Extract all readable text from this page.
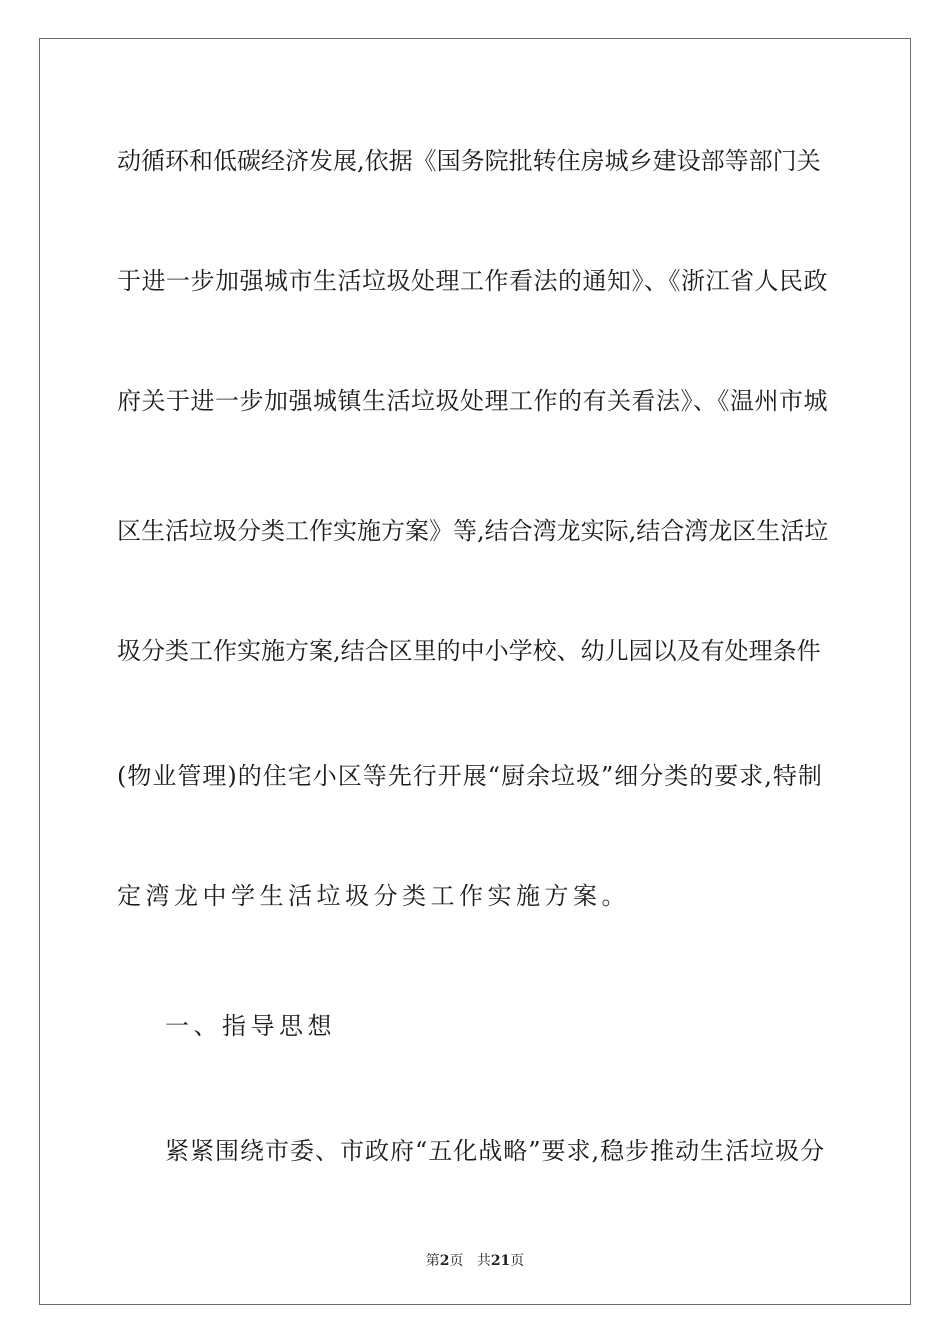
动循环和低碳经济发展,依据《国务院批转住房城乡建设部等部门关
于进一步加强城市生活垃圾处理工作看法的通知》、《浙江省人民政
府关于进一步加强城镇生活垃圾处理工作的有关看法》、《温州市城
区生活垃圾分类工作实施方案》等,结合湾龙实际,结合湾龙区生活垃
圾分类工作实施方案,结合区里的中小学校、幼儿园以及有处理条件
(物业管理)的住宅小区等先行开展“厨余垃圾”细分类的要求,特制
定湾龙中学生活垃圾分类工作实施方案。
一、指导思想
紧紧围绕市委、市政府“五化战略”要求,稳步推动生活垃圾分
第2页 共21页
